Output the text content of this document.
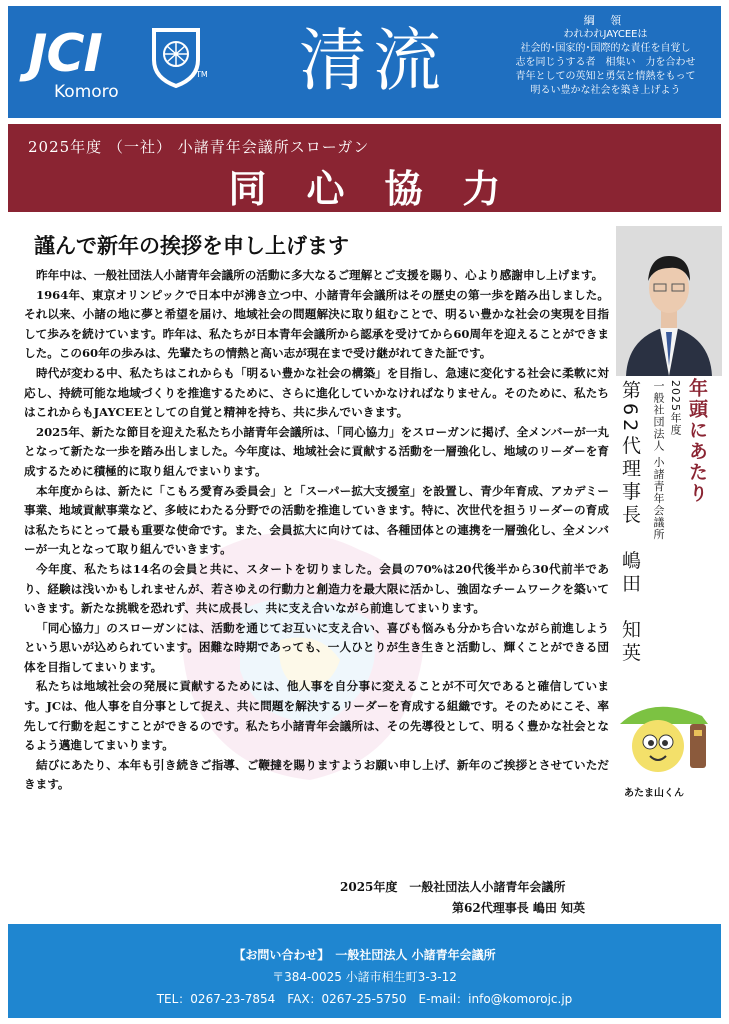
JCI	TM
Komoro	清流
綱 領
われわれJAYCEEは
社会的･国家的･国際的な責任を自覚し
志を同じうする者　相集い　力を合わせ
青年としての英知と勇気と情熱をもって
明るい豊かな社会を築き上げよう
2025年度 （一社） 小諸青年会議所スローガン
同心協力
謹んで新年の挨拶を申し上げます

昨年中は、一般社団法人小諸青年会議所の活動に多大なるご理解とご支援を賜り、心より感謝申し上げます。

1964年、東京オリンピックで日本中が沸き立つ中、小諸青年会議所はその歴史の第一歩を踏み出しました。それ以来、小諸の地に夢と希望を届け、地域社会の問題解決に取り組むことで、明るい豊かな社会の実現を目指して歩みを続けています。昨年は、私たちが日本青年会議所から認承を受けてから60周年を迎えることができました。この60年の歩みは、先輩たちの情熱と高い志が現在まで受け継がれてきた証です。

時代が変わる中、私たちはこれからも「明るい豊かな社会の構築」を目指し、急速に変化する社会に柔軟に対応し、持続可能な地域づくりを推進するために、さらに進化していかなければなりません。そのために、私たちはこれからもJAYCEEとしての自覚と精神を持ち、共に歩んでいきます。

2025年、新たな節目を迎えた私たち小諸青年会議所は、「同心協力」をスローガンに掲げ、全メンバーが一丸となって新たな一歩を踏み出しました。今年度は、地域社会に貢献する活動を一層強化し、地域のリーダーを育成するために積極的に取り組んでまいります。

本年度からは、新たに「こもろ愛育み委員会」と「スーパー拡大支援室」を設置し、青少年育成、アカデミー事業、地域貢献事業など、多岐にわたる分野での活動を推進していきます。特に、次世代を担うリーダーの育成は私たちにとって最も重要な使命です。また、会員拡大に向けては、各種団体との連携を一層強化し、全メンバーが一丸となって取り組んでいきます。

今年度、私たちは14名の会員と共に、スタートを切りました。会員の70%は20代後半から30代前半であり、経験は浅いかもしれませんが、若さゆえの行動力と創造力を最大限に活かし、強固なチームワークを築いていきます。新たな挑戦を恐れず、共に成長し、共に支え合いながら前進してまいります。

「同心協力」のスローガンには、活動を通じてお互いに支え合い、喜びも悩みも分かち合いながら前進しようという思いが込められています。困難な時期であっても、一人ひとりが生き生きと活動し、輝くことができる団体を目指してまいります。

私たちは地域社会の発展に貢献するためには、他人事を自分事に変えることが不可欠であると確信しています。JCは、他人事を自分事として捉え、共に問題を解決するリーダーを育成する組織です。そのためにこそ、率先して行動を起こすことができるのです。私たち小諸青年会議所は、その先導役として、明るく豊かな社会となるよう邁進してまいります。

結びにあたり、本年も引き続きご指導、ご鞭撻を賜りますようお願い申し上げ、新年のご挨拶とさせていただきます。

年頭にあたり
2025年度
一般社団法人 小諸青年会議所
第62代理事長　嶋田　知英
あたま山くん
2025年度　一般社団法人小諸青年会議所
第62代理事長 嶋田 知英
【お問い合わせ】　一般社団法人 小諸青年会議所
〒384-0025 小諸市相生町3-3-12
TEL：0267-23-7854　FAX：0267-25-5750　E-mail：info@komorojc.jp
